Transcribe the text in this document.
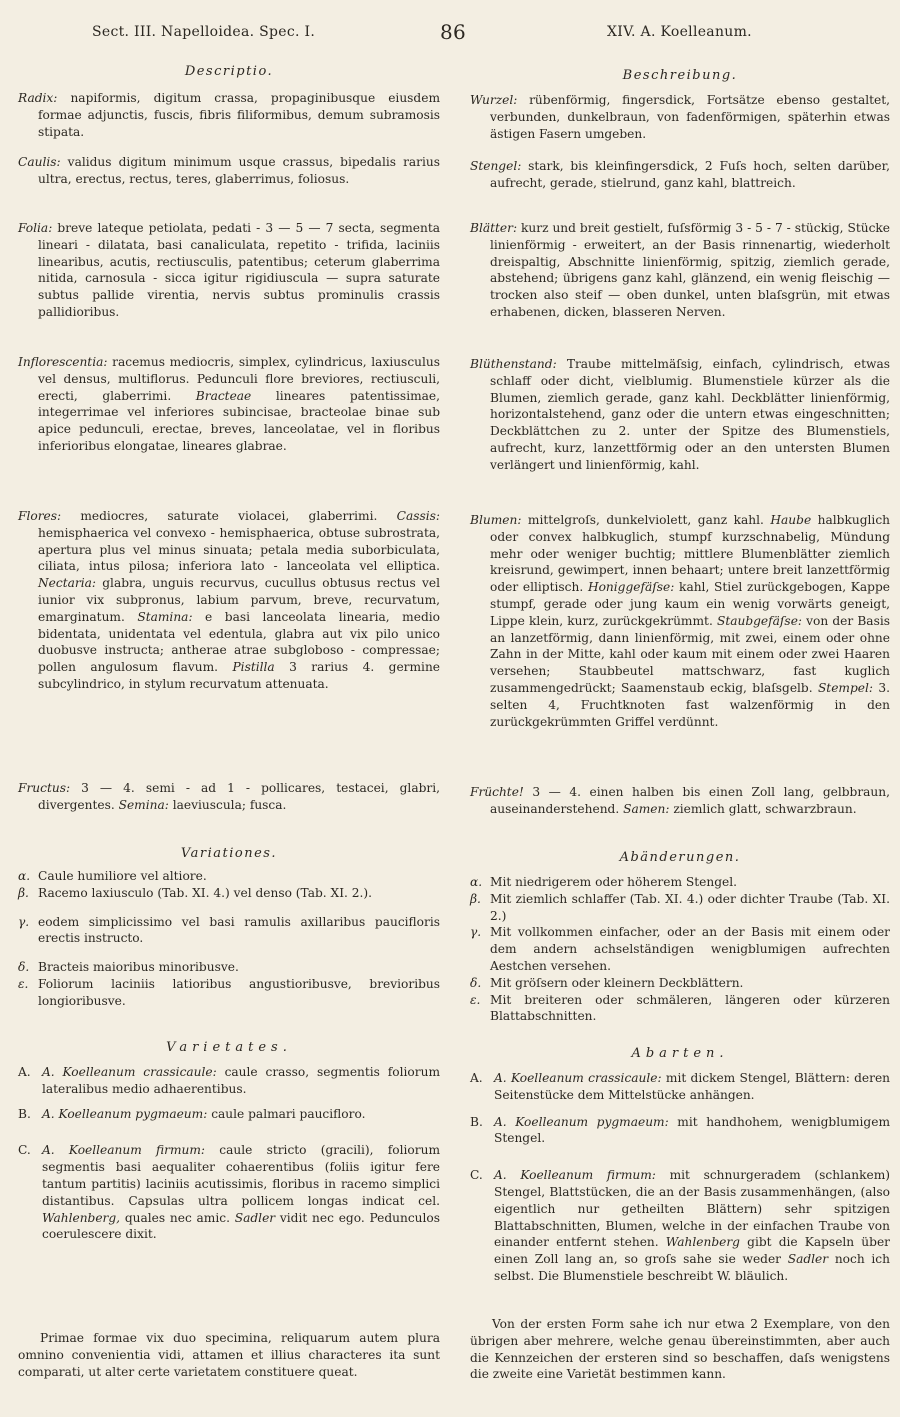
Sect. III. Napelloidea. Spec. I.	86	XIV. A. Koelleanum.
Descriptio.

Radix: napiformis, digitum crassa, propaginibusque eiusdem formae adjunctis, fuscis, fibris filiformibus, demum subramosis stipata.

Caulis: validus digitum minimum usque crassus, bipedalis rarius ultra, erectus, rectus, teres, glaberrimus, foliosus.

Folia: breve lateque petiolata, pedati - 3 — 5 — 7 secta, segmenta lineari - dilatata, basi canaliculata, repetito - trifida, laciniis linearibus, acutis, rectiusculis, patentibus; ceterum glaberrima nitida, carnosula - sicca igitur rigidiuscula — supra saturate subtus pallide virentia, nervis subtus prominulis crassis pallidioribus.

Inflorescentia: racemus mediocris, simplex, cylindricus, laxiusculus vel densus, multiflorus. Pedunculi flore breviores, rectiusculi, erecti, glaberrimi. Bracteae lineares patentissimae, integerrimae vel inferiores subincisae, bracteolae binae sub apice pedunculi, erectae, breves, lanceolatae, vel in floribus inferioribus elongatae, lineares glabrae.

Flores: mediocres, saturate violacei, glaberrimi. Cassis: hemisphaerica vel convexo - hemisphaerica, obtuse subrostrata, apertura plus vel minus sinuata; petala media suborbiculata, ciliata, intus pilosa; inferiora lato - lanceolata vel elliptica. Nectaria: glabra, unguis recurvus, cucullus obtusus rectus vel iunior vix subpronus, labium parvum, breve, recurvatum, emarginatum. Stamina: e basi lanceolata linearia, medio bidentata, unidentata vel edentula, glabra aut vix pilo unico duobusve instructa; antherae atrae subgloboso - compressae; pollen angulosum flavum. Pistilla 3 rarius 4. germine subcylindrico, in stylum recurvatum attenuata.

Fructus: 3 — 4. semi - ad 1 - pollicares, testacei, glabri, divergentes. Semina: laeviuscula; fusca.

Variationes.

α. Caule humiliore vel altiore.

β. Racemo laxiusculo (Tab. XI. 4.) vel denso (Tab. XI. 2.).

γ. eodem simplicissimo vel basi ramulis axillaribus pauciﬂoris erectis instructo.

δ. Bracteis maioribus minoribusve.

ε. Foliorum laciniis latioribus angustioribusve, brevioribus longioribusve.

Varietates.

A. A. Koelleanum crassicaule: caule crasso, segmentis foliorum lateralibus medio adhaerentibus.

B. A. Koelleanum pygmaeum: caule palmari paucifloro.

C. A. Koelleanum firmum: caule stricto (gracili), foliorum segmentis basi aequaliter cohaerentibus (foliis igitur fere tantum partitis) laciniis acutissimis, floribus in racemo simplici distantibus. Capsulas ultra pollicem longas indicat cel. Wahlenberg, quales nec amic. Sadler vidit nec ego. Pedunculos coerulescere dixit.

Primae formae vix duo specimina, reliquarum autem plura omnino convenientia vidi, attamen et illius characteres ita sunt comparati, ut alter certe varietatem constituere queat.

Beschreibung.

Wurzel: rübenförmig, fingersdick, Fortsätze ebenso gestaltet, verbunden, dunkelbraun, von fadenförmigen, späterhin etwas ästigen Fasern umgeben.

Stengel: stark, bis kleinfingersdick, 2 Fuſs hoch, selten darüber, aufrecht, gerade, stielrund, ganz kahl, blattreich.

Blätter: kurz und breit gestielt, fuſsförmig 3 - 5 - 7 - stückig, Stücke linienförmig - erweitert, an der Basis rinnenartig, wiederholt dreispaltig, Abschnitte linienförmig, spitzig, ziemlich gerade, abstehend; übrigens ganz kahl, glänzend, ein wenig fleischig — trocken also steif — oben dunkel, unten blaſsgrün, mit etwas erhabenen, dicken, blasseren Nerven.

Blüthenstand: Traube mittelmäſsig, einfach, cylindrisch, etwas schlaff oder dicht, vielblumig. Blumenstiele kürzer als die Blumen, ziemlich gerade, ganz kahl. Deckblätter linienförmig, horizontalstehend, ganz oder die untern etwas eingeschnitten; Deckblättchen zu 2. unter der Spitze des Blumenstiels, aufrecht, kurz, lanzettförmig oder an den untersten Blumen verlängert und linienförmig, kahl.

Blumen: mittelgroſs, dunkelviolett, ganz kahl. Haube halbkuglich oder convex halbkuglich, stumpf kurzschnabelig, Mündung mehr oder weniger buchtig; mittlere Blumenblätter ziemlich kreisrund, gewimpert, innen behaart; untere breit lanzettförmig oder elliptisch. Honiggefäſse: kahl, Stiel zurückgebogen, Kappe stumpf, gerade oder jung kaum ein wenig vorwärts geneigt, Lippe klein, kurz, zurückgekrümmt. Staubgefäſse: von der Basis an lanzetförmig, dann linienförmig, mit zwei, einem oder ohne Zahn in der Mitte, kahl oder kaum mit einem oder zwei Haaren versehen; Staubbeutel mattschwarz, fast kuglich zusammengedrückt; Saamenstaub eckig, blaſsgelb. Stempel: 3. selten 4, Fruchtknoten fast walzenförmig in den zurückgekrümmten Griffel verdünnt.

Früchte! 3 — 4. einen halben bis einen Zoll lang, gelbbraun, auseinanderstehend. Samen: ziemlich glatt, schwarzbraun.

Abänderungen.

α. Mit niedrigerem oder höherem Stengel.

β. Mit ziemlich schlaffer (Tab. XI. 4.) oder dichter Traube (Tab. XI. 2.)

γ. Mit vollkommen einfacher, oder an der Basis mit einem oder dem andern achselständigen wenigblumigen aufrechten Aestchen versehen.

δ. Mit gröſsern oder kleinern Deckblättern.

ε. Mit breiteren oder schmäleren, längeren oder kürzeren Blattabschnitten.

Abarten.

A. A. Koelleanum crassicaule: mit dickem Stengel, Blättern: deren Seitenstücke dem Mittelstücke anhängen.

B. A. Koelleanum pygmaeum: mit handhohem, wenigblumigem Stengel.

C. A. Koelleanum firmum: mit schnurgeradem (schlankem) Stengel, Blattstücken, die an der Basis zusammenhängen, (also eigentlich nur getheilten Blättern) sehr spitzigen Blattabschnitten, Blumen, welche in der einfachen Traube von einander entfernt stehen. Wahlenberg gibt die Kapseln über einen Zoll lang an, so groſs sahe sie weder Sadler noch ich selbst. Die Blumenstiele beschreibt W. bläulich.

Von der ersten Form sahe ich nur etwa 2 Exemplare, von den übrigen aber mehrere, welche genau übereinstimmten, aber auch die Kennzeichen der ersteren sind so beschaffen, daſs wenigstens die zweite eine Varietät bestimmen kann.
